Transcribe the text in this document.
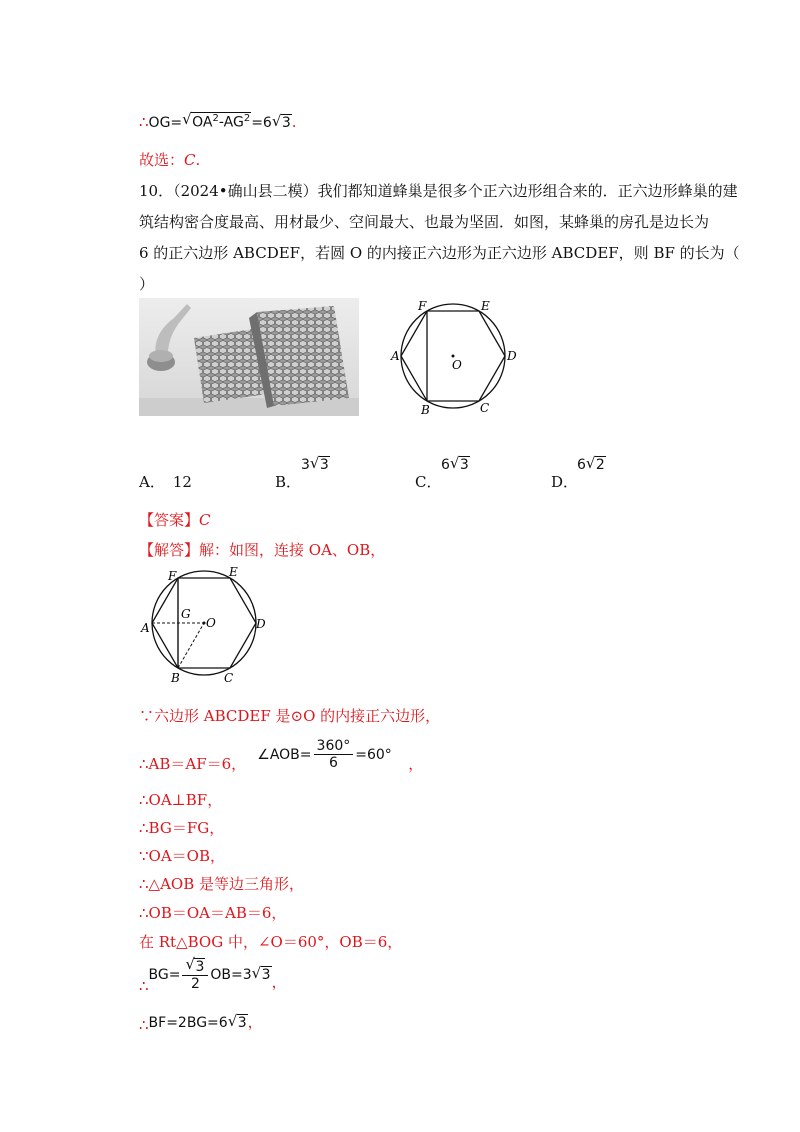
∴OG= √ $OA^2-AG^2=6$ √ 3.
故选：C.
10．（2024•确山县二模）我们都知道蜂巢是很多个正六边形组合来的．正六边形蜂巢的建
筑结构密合度最高、用材最少、空间最大、也最为坚固．如图，某蜂巢的房孔是边长为
6 的正六边形 ABCDEF，若圆 O 的内接正六边形为正六边形 ABCDEF，则 BF 的长为（
）
A
B	C
D
E
F
O
A． 12	B．
3 √ 3
C．
6 √ 3
D．
6 √ 2
【答案】C
【解答】解：如图，连接 OA、OB，
A
B	C
D
E
F
G
O
∵六边形 ABCDEF 是⊙O 的内接正六边形，
∴AB＝AF＝6， ∠AOB= $\frac{360^\circ}{6} =60^\circ$ ，
∴OA⊥BF，
∴BG＝FG，
∵OA＝OB，
∴△AOB 是等边三角形，
∴OB＝OA＝AB＝6，
在 Rt△BOG 中，∠O＝60°，OB＝6，
∴BG= $\frac{√ 3}{2} OB=3$ √ 3，
∴BF=2BG=6 √ 3，
